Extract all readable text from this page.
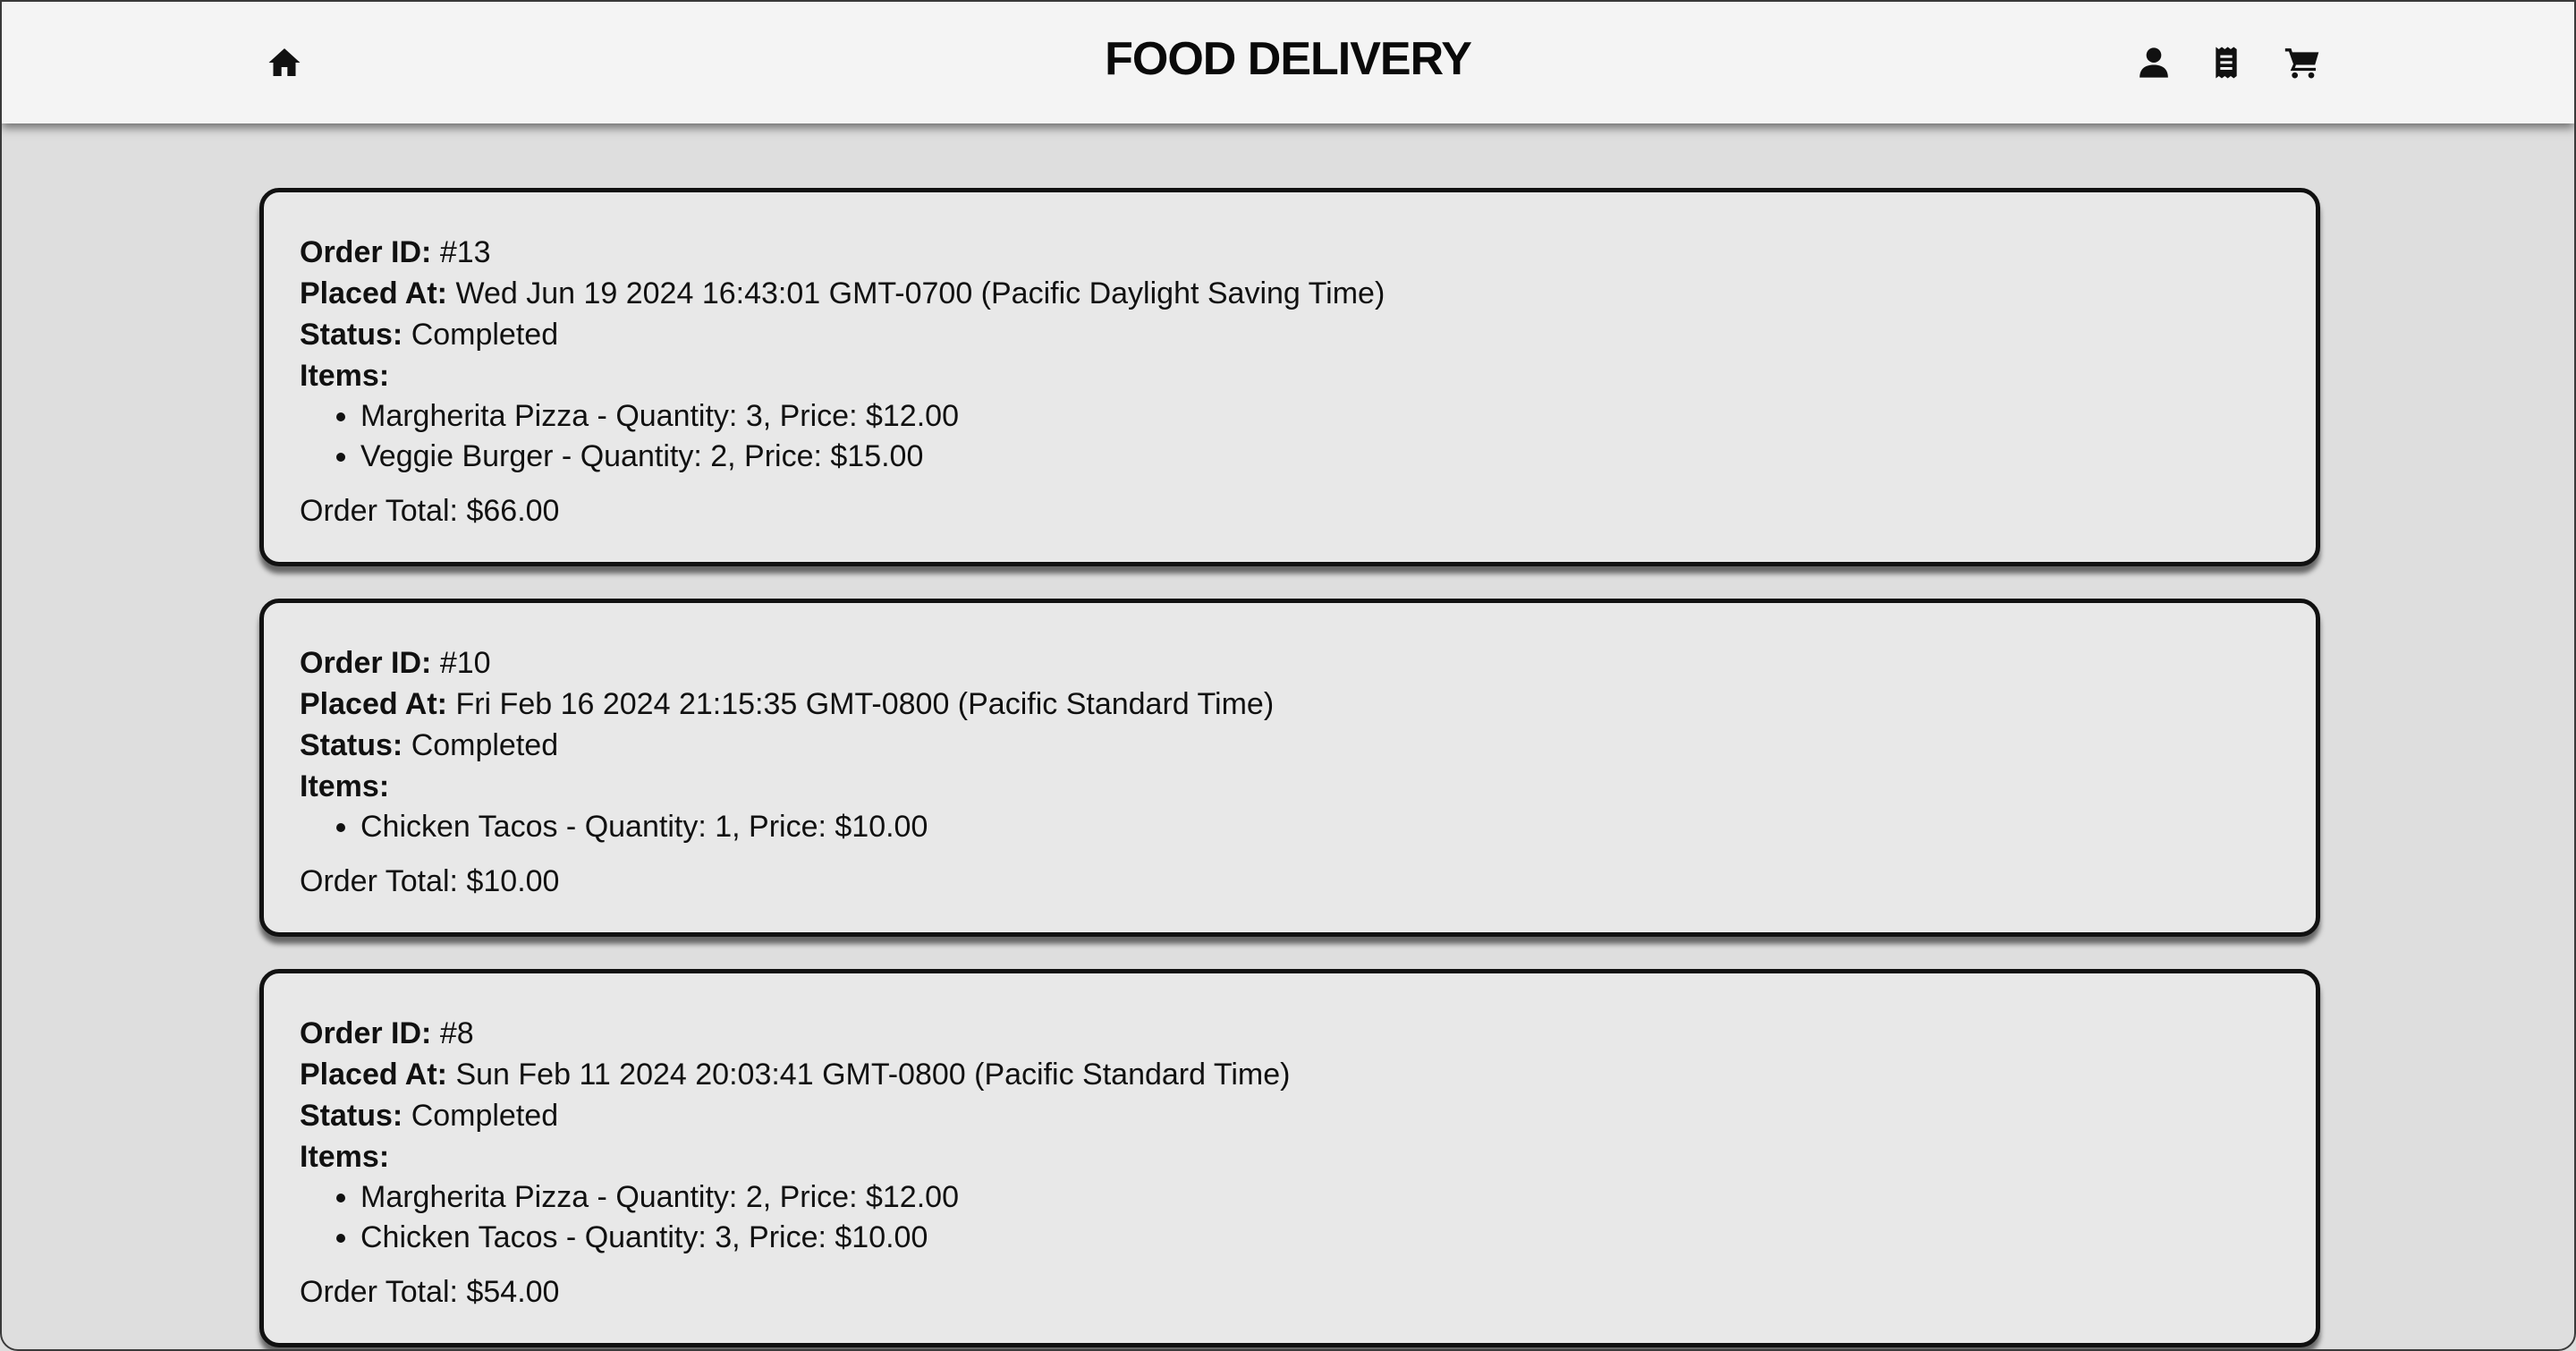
FOOD DELIVERY
Order ID: #13
Placed At: Wed Jun 19 2024 16:43:01 GMT-0700 (Pacific Daylight Saving Time)
Status: Completed
Items:
• Margherita Pizza - Quantity: 3, Price: $12.00
• Veggie Burger - Quantity: 2, Price: $15.00
Order Total: $66.00
Order ID: #10
Placed At: Fri Feb 16 2024 21:15:35 GMT-0800 (Pacific Standard Time)
Status: Completed
Items:
• Chicken Tacos - Quantity: 1, Price: $10.00
Order Total: $10.00
Order ID: #8
Placed At: Sun Feb 11 2024 20:03:41 GMT-0800 (Pacific Standard Time)
Status: Completed
Items:
• Margherita Pizza - Quantity: 2, Price: $12.00
• Chicken Tacos - Quantity: 3, Price: $10.00
Order Total: $54.00
